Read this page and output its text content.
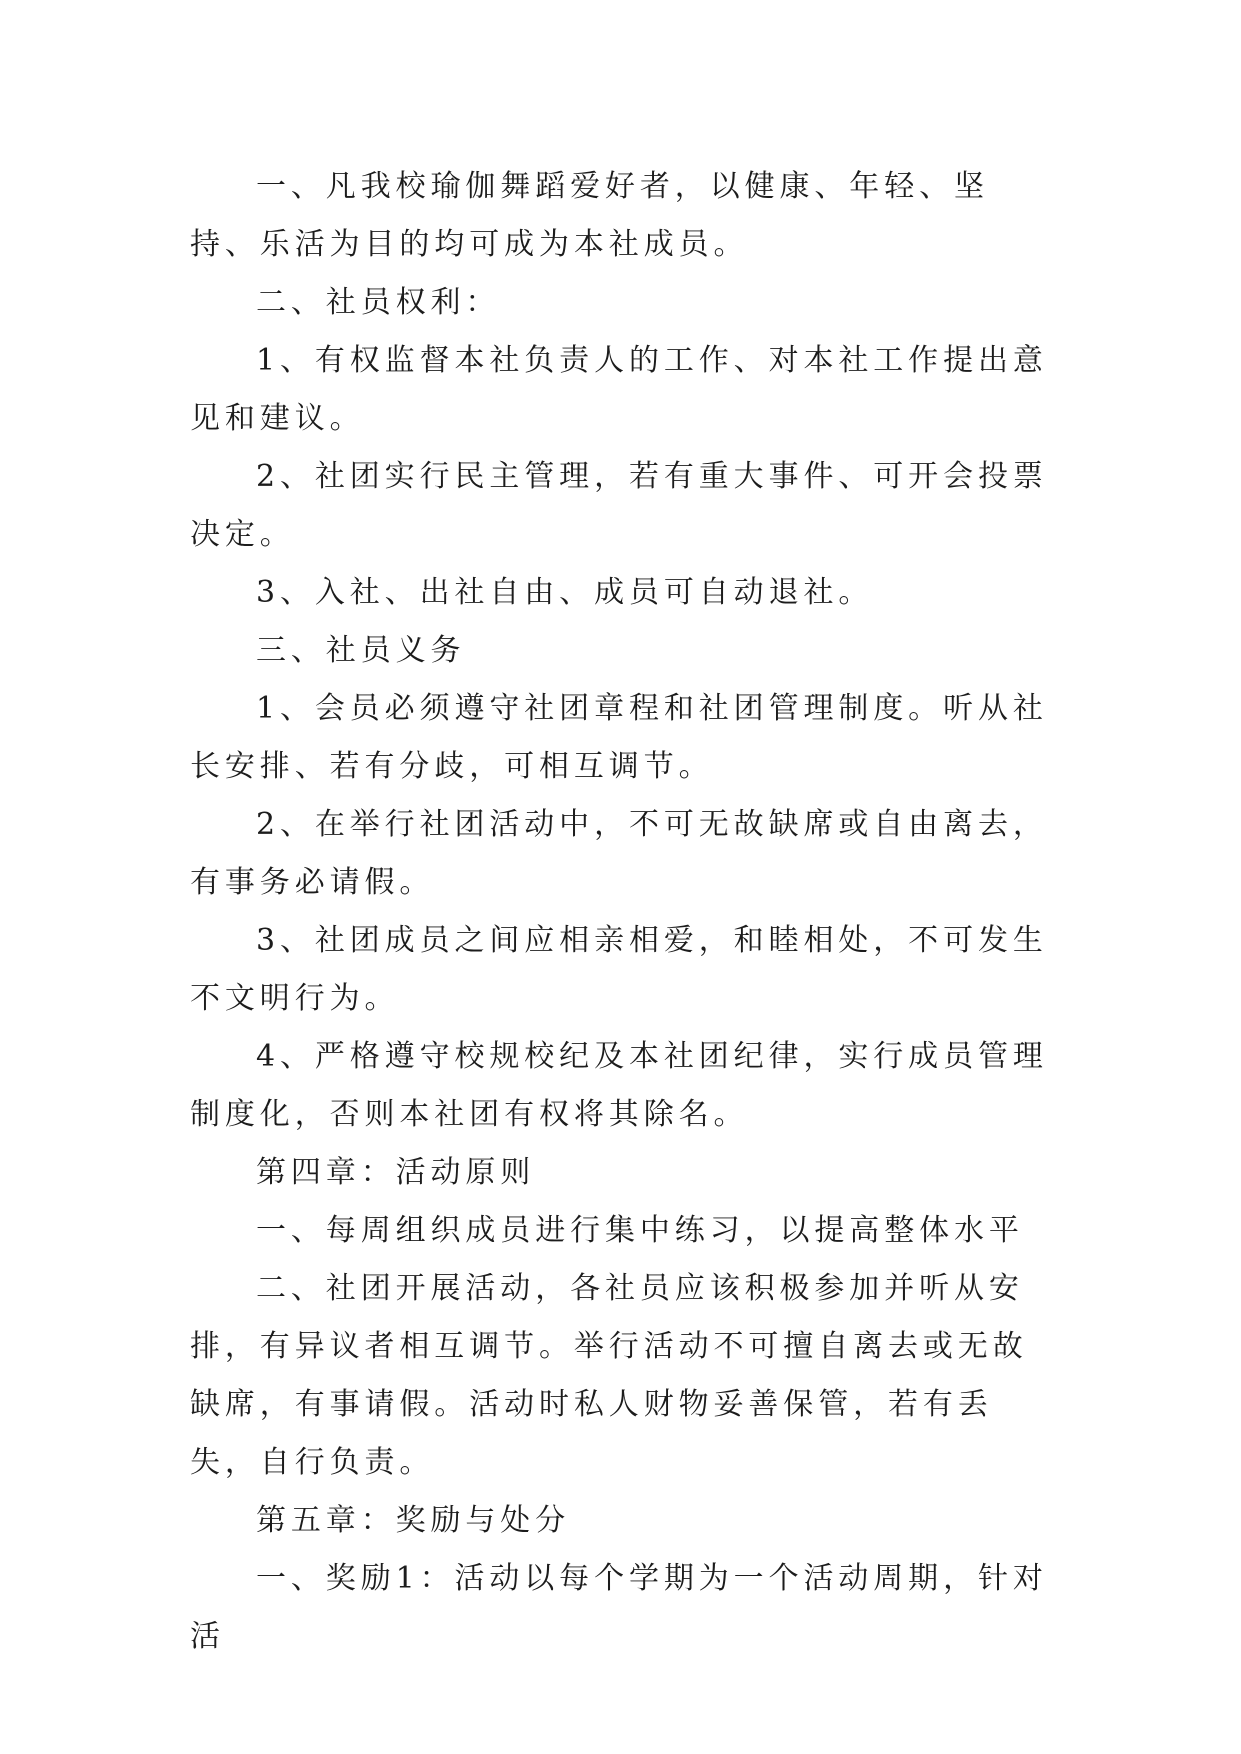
一、凡我校瑜伽舞蹈爱好者，以健康、年轻、坚持、乐活为目的均可成为本社成员。

二、社员权利：

1、有权监督本社负责人的工作、对本社工作提出意见和建议。

2、社团实行民主管理，若有重大事件、可开会投票决定。

3、入社、出社自由、成员可自动退社。

三、社员义务

1、会员必须遵守社团章程和社团管理制度。听从社长安排、若有分歧，可相互调节。

2、在举行社团活动中，不可无故缺席或自由离去，有事务必请假。

3、社团成员之间应相亲相爱，和睦相处，不可发生不文明行为。

4、严格遵守校规校纪及本社团纪律，实行成员管理制度化，否则本社团有权将其除名。

第四章：活动原则

一、每周组织成员进行集中练习，以提高整体水平

二、社团开展活动，各社员应该积极参加并听从安排，有异议者相互调节。举行活动不可擅自离去或无故缺席，有事请假。活动时私人财物妥善保管，若有丢失，自行负责。

第五章：奖励与处分

一、奖励1：活动以每个学期为一个活动周期，针对活
